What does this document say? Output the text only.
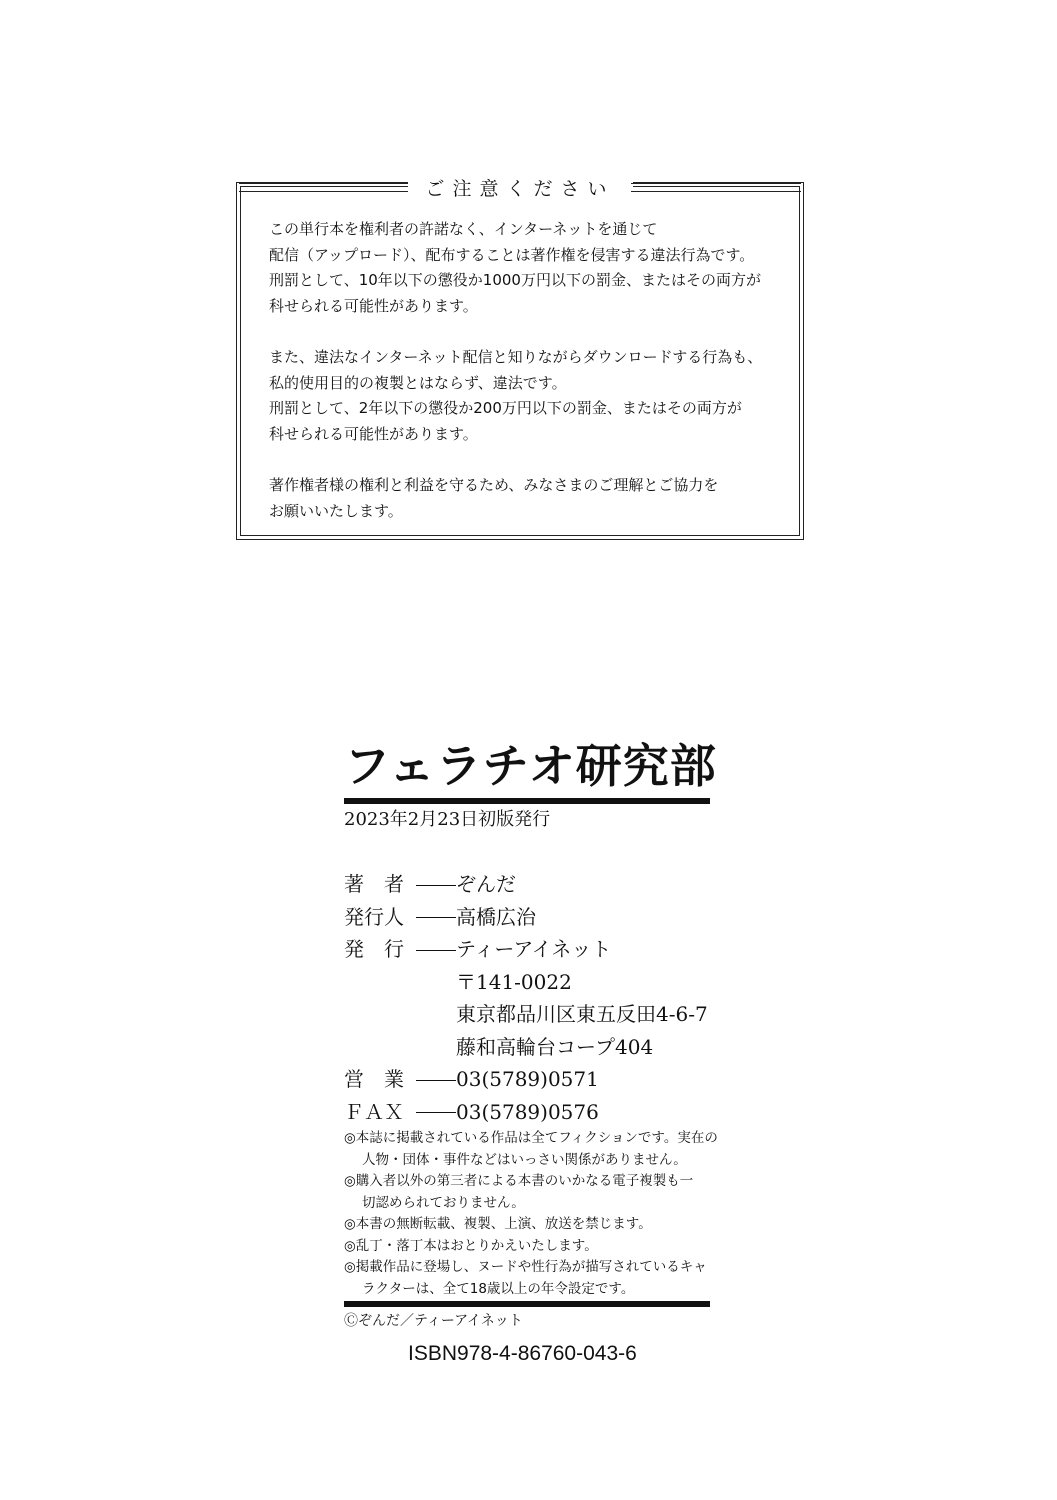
ご注意ください

この単行本を権利者の許諾なく、インターネットを通じて
配信（アップロード）、配布することは著作権を侵害する違法行為です。
刑罰として、10年以下の懲役か1000万円以下の罰金、またはその両方が
科せられる可能性があります。

また、違法なインターネット配信と知りながらダウンロードする行為も、
私的使用目的の複製とはならず、違法です。
刑罰として、2年以下の懲役か200万円以下の罰金、またはその両方が
科せられる可能性があります。

著作権者様の権利と利益を守るため、みなさまのご理解とご協力を
お願いいたします。

フェラチオ研究部
2023年2月23日初版発行
著　者	ぞんだ
発行人	高橋広治
発　行	ティーアイネット
〒141-0022
東京都品川区東五反田4-6-7
藤和高輪台コープ404
営　業	03(5789)0571
ＦＡＸ	03(5789)0576
◎本誌に掲載されている作品は全てフィクションです。実在の
人物・団体・事件などはいっさい関係がありません。
◎購入者以外の第三者による本書のいかなる電子複製も一
切認められておりません。
◎本書の無断転載、複製、上演、放送を禁じます。
◎乱丁・落丁本はおとりかえいたします。
◎掲載作品に登場し、ヌードや性行為が描写されているキャ
ラクターは、全て18歳以上の年令設定です。
Ⓒぞんだ／ティーアイネット
ISBN978-4-86760-043-6
